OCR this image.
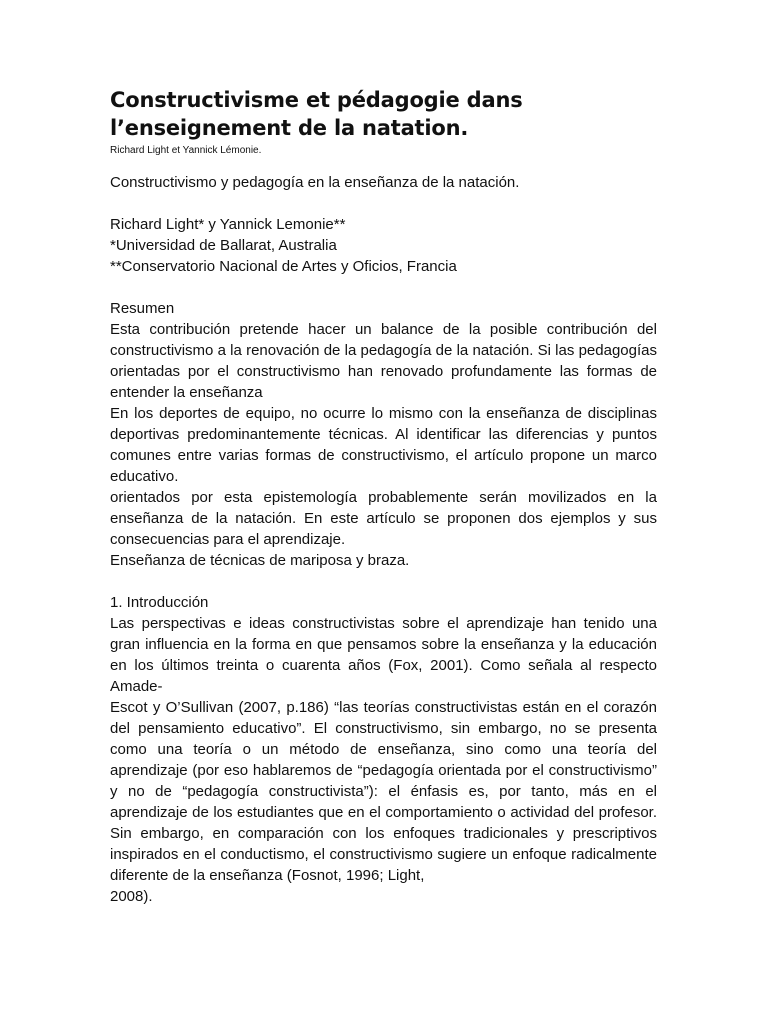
Constructivisme et pédagogie dans l’enseignement de la natation.
Richard Light et Yannick Lémonie.

Constructivismo y pedagogía en la enseñanza de la natación.

Richard Light* y Yannick Lemonie**

*Universidad de Ballarat, Australia

**Conservatorio Nacional de Artes y Oficios, Francia

Resumen

Esta contribución pretende hacer un balance de la posible contribución del constructivismo a la renovación de la pedagogía de la natación. Si las pedagogías orientadas por el constructivismo han renovado profundamente las formas de entender la enseñanza

En los deportes de equipo, no ocurre lo mismo con la enseñanza de disciplinas deportivas predominantemente técnicas. Al identificar las diferencias y puntos comunes entre varias formas de constructivismo, el artículo propone un marco educativo.

orientados por esta epistemología probablemente serán movilizados en la enseñanza de la natación. En este artículo se proponen dos ejemplos y sus consecuencias para el aprendizaje.

Enseñanza de técnicas de mariposa y braza.

1. Introducción

Las perspectivas e ideas constructivistas sobre el aprendizaje han tenido una gran influencia en la forma en que pensamos sobre la enseñanza y la educación en los últimos treinta o cuarenta años (Fox, 2001). Como señala al respecto Amade-

Escot y O’Sullivan (2007, p.186) “las teorías constructivistas están en el corazón del pensamiento educativo”. El constructivismo, sin embargo, no se presenta como una teoría o un método de enseñanza, sino como una teoría del aprendizaje (por eso hablaremos de “pedagogía orientada por el constructivismo” y no de “pedagogía constructivista”): el énfasis es, por tanto, más en el aprendizaje de los estudiantes que en el comportamiento o actividad del profesor. Sin embargo, en comparación con los enfoques tradicionales y prescriptivos inspirados en el conductismo, el constructivismo sugiere un enfoque radicalmente diferente de la enseñanza (Fosnot, 1996; Light,

2008).
